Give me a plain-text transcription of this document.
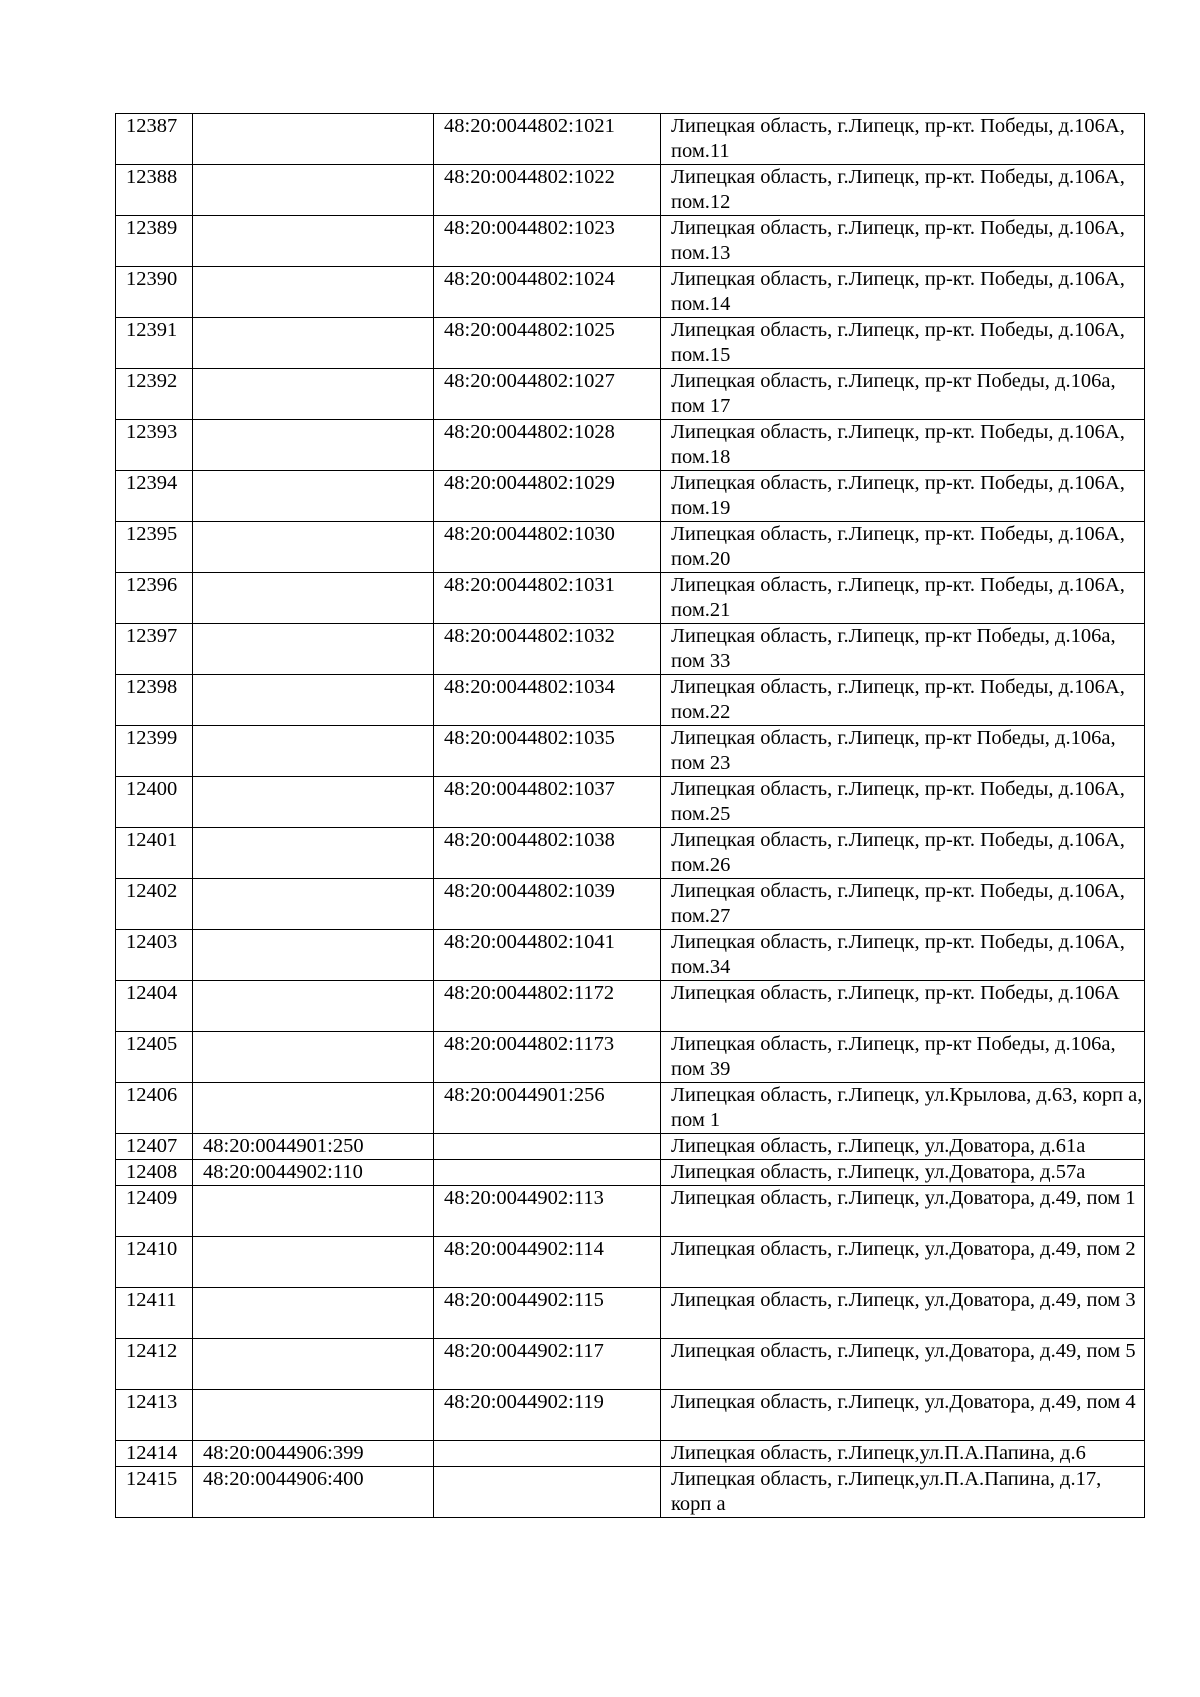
12387		48:20:0044802:1021	Липецкая область, г.Липецк, пр-кт. Победы, д.106А, пом.11
12388		48:20:0044802:1022	Липецкая область, г.Липецк, пр-кт. Победы, д.106А, пом.12
12389		48:20:0044802:1023	Липецкая область, г.Липецк, пр-кт. Победы, д.106А, пом.13
12390		48:20:0044802:1024	Липецкая область, г.Липецк, пр-кт. Победы, д.106А, пом.14
12391		48:20:0044802:1025	Липецкая область, г.Липецк, пр-кт. Победы, д.106А, пом.15
12392		48:20:0044802:1027	Липецкая область, г.Липецк, пр-кт Победы, д.106а, пом 17
12393		48:20:0044802:1028	Липецкая область, г.Липецк, пр-кт. Победы, д.106А, пом.18
12394		48:20:0044802:1029	Липецкая область, г.Липецк, пр-кт. Победы, д.106А, пом.19
12395		48:20:0044802:1030	Липецкая область, г.Липецк, пр-кт. Победы, д.106А, пом.20
12396		48:20:0044802:1031	Липецкая область, г.Липецк, пр-кт. Победы, д.106А, пом.21
12397		48:20:0044802:1032	Липецкая область, г.Липецк, пр-кт Победы, д.106а, пом 33
12398		48:20:0044802:1034	Липецкая область, г.Липецк, пр-кт. Победы, д.106А, пом.22
12399		48:20:0044802:1035	Липецкая область, г.Липецк, пр-кт Победы, д.106а, пом 23
12400		48:20:0044802:1037	Липецкая область, г.Липецк, пр-кт. Победы, д.106А, пом.25
12401		48:20:0044802:1038	Липецкая область, г.Липецк, пр-кт. Победы, д.106А, пом.26
12402		48:20:0044802:1039	Липецкая область, г.Липецк, пр-кт. Победы, д.106А, пом.27
12403		48:20:0044802:1041	Липецкая область, г.Липецк, пр-кт. Победы, д.106А, пом.34
12404		48:20:0044802:1172	Липецкая область, г.Липецк, пр-кт. Победы, д.106А
12405		48:20:0044802:1173	Липецкая область, г.Липецк, пр-кт Победы, д.106а, пом 39
12406		48:20:0044901:256	Липецкая область, г.Липецк, ул.Крылова, д.63, корп а, пом 1
12407	48:20:0044901:250		Липецкая область, г.Липецк, ул.Доватора, д.61а
12408	48:20:0044902:110		Липецкая область, г.Липецк, ул.Доватора, д.57а
12409		48:20:0044902:113	Липецкая область, г.Липецк, ул.Доватора, д.49, пом 1
12410		48:20:0044902:114	Липецкая область, г.Липецк, ул.Доватора, д.49, пом 2
12411		48:20:0044902:115	Липецкая область, г.Липецк, ул.Доватора, д.49, пом 3
12412		48:20:0044902:117	Липецкая область, г.Липецк, ул.Доватора, д.49, пом 5
12413		48:20:0044902:119	Липецкая область, г.Липецк, ул.Доватора, д.49, пом 4
12414	48:20:0044906:399		Липецкая область, г.Липецк,ул.П.А.Папина, д.6
12415	48:20:0044906:400		Липецкая область, г.Липецк,ул.П.А.Папина, д.17, корп а
